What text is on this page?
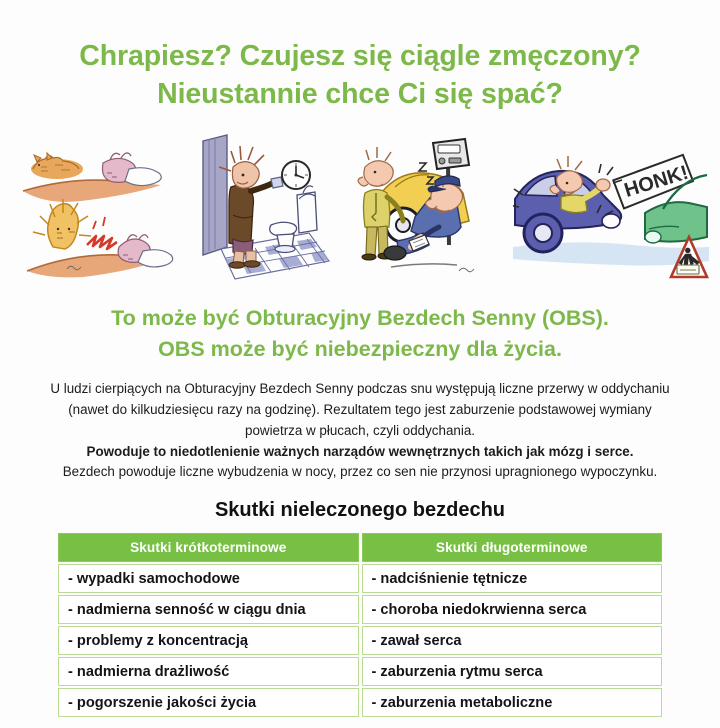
Chrapiesz? Czujesz się ciągle zmęczony?
Nieustannie chce Ci się spać?
HONK!
To może być Obturacyjny Bezdech Senny (OBS).
OBS może być niebezpieczny dla życia.

U ludzi cierpiących na Obturacyjny Bezdech Senny podczas snu występują liczne przerwy w oddychaniu

(nawet do kilkudziesięcu razy na godzinę). Rezultatem tego jest zaburzenie podstawowej wymiany

powietrza w płucach, czyli oddychania.

Powoduje to niedotlenienie ważnych narządów wewnętrznych takich jak mózg i serce.

Bezdech powoduje liczne wybudzenia w nocy, przez co sen nie przynosi upragnionego wypoczynku.

Skutki nieleczonego bezdechu
Skutki krótkoterminowe	Skutki długoterminowe
- wypadki samochodowe	- nadciśnienie tętnicze
- nadmierna senność w ciągu dnia	- choroba niedokrwienna serca
- problemy z koncentracją	- zawał serca
- nadmierna drażliwość	- zaburzenia rytmu serca
- pogorszenie jakości życia	- zaburzenia metaboliczne
